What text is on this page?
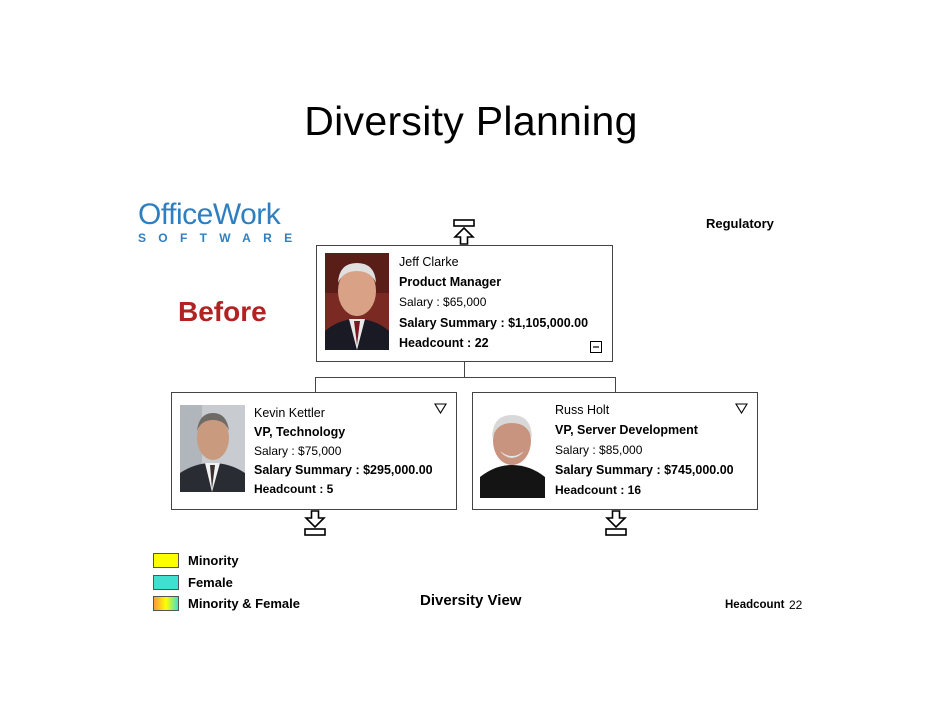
Diversity Planning
OfficeWork
SOFTWARE
Before
Regulatory
Jeff Clarke
Product Manager
Salary : $65,000
Salary Summary : $1,105,000.00
Headcount : 22
Kevin Kettler
VP, Technology
Salary : $75,000
Salary Summary : $295,000.00
Headcount : 5
Russ Holt
VP, Server Development
Salary : $85,000
Salary Summary : $745,000.00
Headcount : 16
Minority
Female
Minority & Female	Diversity View	Headcount 22
